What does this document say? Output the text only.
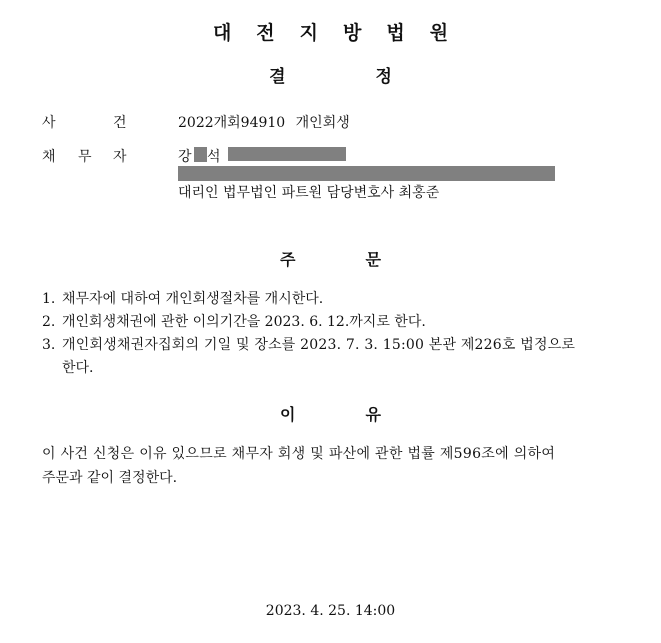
대전지방법원
결정
사	건	2022개회94910 개인회생
채 무 자	강 석
대리인 법무법인 파트원 담당변호사 최홍준
주문
1. 채무자에 대하여 개인회생절차를 개시한다.
2. 개인회생채권에 관한 이의기간을 2023. 6. 12.까지로 한다.
3. 개인회생채권자집회의 기일 및 장소를 2023. 7. 3. 15:00 본관 제226호 법정으로
한다.
이유
이 사건 신청은 이유 있으므로 채무자 회생 및 파산에 관한 법률 제596조에 의하여
주문과 같이 결정한다.
2023. 4. 25. 14:00
